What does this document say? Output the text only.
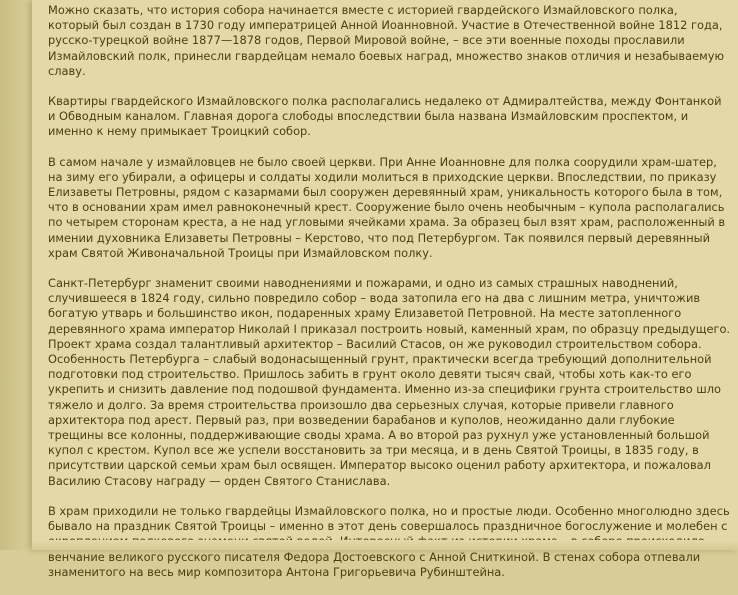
Можно сказать, что история собора начинается вместе с историей гвардейского Измайловского полка, который был создан в 1730 году императрицей Анной Иоанновной. Участие в Отечественной войне 1812 года, русско-турецкой войне 1877—1878 годов, Первой Мировой войне, – все эти военные походы прославили Измайловский полк, принесли гвардейцам немало боевых наград, множество знаков отличия и незабываемую славу.

Квартиры гвардейского Измайловского полка располагались недалеко от Адмиралтейства, между Фонтанкой и Обводным каналом. Главная дорога слободы впоследствии была названа Измайловским проспектом, и именно к нему примыкает Троицкий собор.

В самом начале у измайловцев не было своей церкви. При Анне Иоанновне для полка соорудили храм-шатер, на зиму его убирали, а офицеры и солдаты ходили молиться в приходские церкви. Впоследствии, по приказу Елизаветы Петровны, рядом с казармами был сооружен деревянный храм, уникальность которого была в том, что в основании храм имел равноконечный крест. Сооружение было очень необычным – купола располагались по четырем сторонам креста, а не над угловыми ячейками храма. За образец был взят храм, расположенный в имении духовника Елизаветы Петровны – Керстово, что под Петербургом. Так появился первый деревянный храм Святой Живоначальной Троицы при Измайловском полку.

Санкт-Петербург знаменит своими наводнениями и пожарами, и одно из самых страшных наводнений, случившееся в 1824 году, сильно повредило собор – вода затопила его на два с лишним метра, уничтожив богатую утварь и большинство икон, подаренных храму Елизаветой Петровной. На месте затопленного деревянного храма император Николай I приказал построить новый, каменный храм, по образцу предыдущего. Проект храма создал талантливый архитектор – Василий Стасов, он же руководил строительством собора. Особенность Петербурга – слабый водонасыщенный грунт, практически всегда требующий дополнительной подготовки под строительство. Пришлось забить в грунт около девяти тысяч свай, чтобы хоть как-то его укрепить и снизить давление под подошвой фундамента. Именно из-за специфики грунта строительство шло тяжело и долго. За время строительства произошло два серьезных случая, которые привели главного архитектора под арест. Первый раз, при возведении барабанов и куполов, неожиданно дали глубокие трещины все колонны, поддерживающие своды храма. А во второй раз рухнул уже установленный большой купол с крестом. Купол все же успели восстановить за три месяца, и в день Святой Троицы, в 1835 году, в присутствии царской семьи храм был освящен. Император высоко оценил работу архитектора, и пожаловал Василию Стасову награду — орден Святого Станислава.

В храм приходили не только гвардейцы Измайловского полка, но и простые люди. Особенно многолюдно здесь бывало на праздник Святой Троицы – именно в этот день совершалось праздничное богослужение и молебен с венчание великого русского писателя Федора Достоевского с Анной Сниткиной. В стенах собора отпевали знаменитого на весь мир композитора Антона Григорьевича Рубинштейна.
